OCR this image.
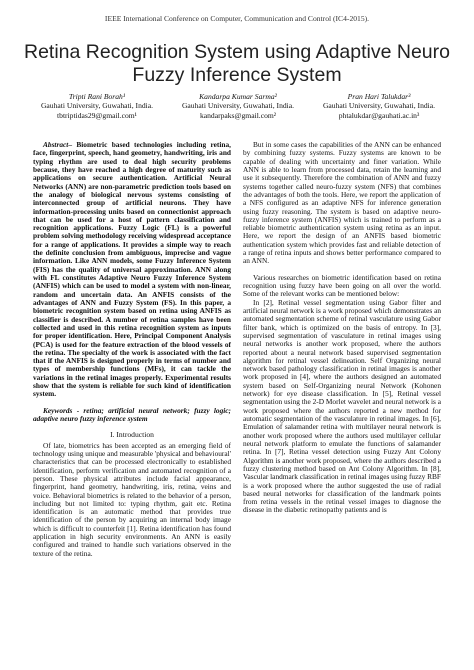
IEEE International Conference on Computer, Communication and Control (IC4-2015).
Retina Recognition System using Adaptive Neuro Fuzzy Inference System
Tripti Rani Borah¹
Gauhati University, Guwahati, India.
tbtriptidas29@gmail.com¹
Kandarpa Kumar Sarma²
Gauhati University, Guwahati, India.
kandarpaks@gmail.com²
Pran Hari Talukdar³
Gauhati University, Guwahati, India.
phtalukdar@gauhati.ac.in³

Abstract– Biometric based technologies including retina, face, fingerprint, speech, hand geometry, handwriting, iris and typing rhythm are used to deal high security problems because, they have reached a high degree of maturity such as applications on secure authentication. Artificial Neural Networks (ANN) are non-parametric prediction tools based on the analogy of biological nervous systems consisting of interconnected group of artificial neurons. They have information-processing units based on connectionist approach that can be used for a host of pattern classification and recognition applications. Fuzzy Logic (FL) is a powerful problem solving methodology receiving widespread acceptance for a range of applications. It provides a simple way to reach the definite conclusion from ambiguous, imprecise and vague information. Like ANN models, some Fuzzy Inference System (FIS) has the quality of universal approximation. ANN along with FL constitutes Adaptive Neuro Fuzzy Inference System (ANFIS) which can be used to model a system with non-linear, random and uncertain data. An ANFIS consists of the advantages of ANN and Fuzzy System (FS). In this paper, a biometric recognition system based on retina using ANFIS as classifier is described. A number of retina samples have been collected and used in this retina recognition system as inputs for proper identification. Here, Principal Component Analysis (PCA) is used for the feature extraction of the blood vessels of the retina. The specialty of the work is associated with the fact that if the ANFIS is designed properly in terms of number and types of membership functions (MFs), it can tackle the variations in the retinal images properly. Experimental results show that the system is reliable for such kind of identification system.

Keywords - retina; artificial neural network; fuzzy logic; adaptive neuro fuzzy inference system

I. Introduction

Of late, biometrics has been accepted as an emerging field of technology using unique and measurable 'physical and behavioural' characteristics that can be processed electronically to established identification, perform verification and automated recognition of a person. These physical attributes include facial appearance, fingerprint, hand geometry, handwriting, iris, retina, veins and voice. Behavioral biometrics is related to the behavior of a person, including but not limited to: typing rhythm, gait etc. Retina identification is an automatic method that provides true identification of the person by acquiring an internal body image which is difficult to counterfeit [1]. Retina identification has found application in high security environments. An ANN is easily configured and trained to handle such variations observed in the texture of the retina.

But in some cases the capabilities of the ANN can be enhanced by combining fuzzy systems. Fuzzy systems are known to be capable of dealing with uncertainty and finer variation. While ANN is able to learn from processed data, retain the learning and use it subsequently. Therefore the combination of ANN and fuzzy systems together called neuro-fuzzy system (NFS) that combines the advantages of both the tools. Here, we report the application of a NFS configured as an adaptive NFS for inference generation using fuzzy reasoning. The system is based on adaptive neuro-fuzzy inference system (ANFIS) which is trained to perform as a reliable biometric authentication system using retina as an input. Here, we report the design of an ANFIS based biometric authentication system which provides fast and reliable detection of a range of retina inputs and shows better performance compared to an ANN.

Various researches on biometric identification based on retina recognition using fuzzy have been going on all over the world. Some of the relevant works can be mentioned below:

In [2], Retinal vessel segmentation using Gabor filter and artificial neural network is a work proposed which demonstrates an automated segmentation scheme of retinal vasculature using Gabor filter bank, which is optimized on the basis of entropy. In [3], supervised segmentation of vasculature in retinal images using neural networks is another work proposed, where the authors reported about a neural network based supervised segmentation algorithm for retinal vessel delineation. Self Organizing neural network based pathology classification in retinal images is another work proposed in [4], where the authors designed an automated system based on Self-Organizing neural Network (Kohonen network) for eye disease classification. In [5], Retinal vessel segmentation using the 2-D Morlet wavelet and neural network is a work proposed where the authors reported a new method for automatic segmentation of the vasculature in retinal images. In [6], Emulation of salamander retina with multilayer neural network is another work proposed where the authors used multilayer cellular neural network platform to emulate the functions of salamander retina. In [7], Retina vessel detection using Fuzzy Ant Colony Algorithm is another work proposed, where the authors described a fuzzy clustering method based on Ant Colony Algorithm. In [8], Vascular landmark classification in retinal images using fuzzy RBF is a work proposed where the author suggested the use of radial based neural networks for classification of the landmark points from retina vessels in the retinal vessel images to diagnose the disease in the diabetic retinopathy patients and is
